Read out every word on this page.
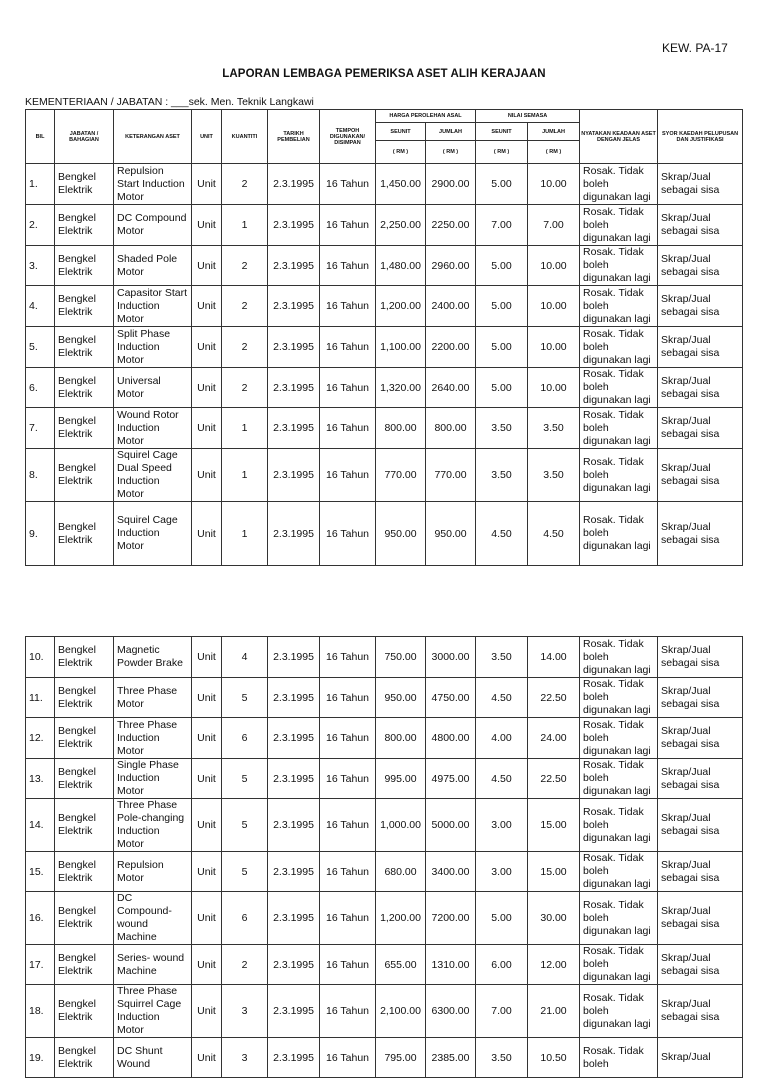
KEW. PA-17
LAPORAN LEMBAGA PEMERIKSA ASET ALIH KERAJAAN
KEMENTERIAAN / JABATAN : ___sek. Men. Teknik Langkawi
BIL	JABATAN / BAHAGIAN	KETERANGAN ASET	UNIT	KUANTITI	TARIKH PEMBELIAN	TEMPOH DIGUNAKAN/ DISIMPAN	HARGA PEROLEHAN ASAL		NILAI SEMASA		NYATAKAN KEADAAN ASET DENGAN JELAS	SYOR KAEDAH PELUPUSAN DAN JUSTIFIKASI
							SEUNIT	JUMLAH	SEUNIT	JUMLAH		
							( RM )	( RM )	( RM )	( RM )		
1.	Bengkel Elektrik	Repulsion Start Induction Motor	Unit	2	2.3.1995	16 Tahun	1,450.00	2900.00	5.00	10.00	Rosak. Tidak boleh digunakan lagi	Skrap/Jual sebagai sisa
2.	Bengkel Elektrik	DC Compound Motor	Unit	1	2.3.1995	16 Tahun	2,250.00	2250.00	7.00	7.00	Rosak. Tidak boleh digunakan lagi	Skrap/Jual sebagai sisa
3.	Bengkel Elektrik	Shaded Pole Motor	Unit	2	2.3.1995	16 Tahun	1,480.00	2960.00	5.00	10.00	Rosak. Tidak boleh digunakan lagi	Skrap/Jual sebagai sisa
4.	Bengkel Elektrik	Capasitor Start Induction Motor	Unit	2	2.3.1995	16 Tahun	1,200.00	2400.00	5.00	10.00	Rosak. Tidak boleh digunakan lagi	Skrap/Jual sebagai sisa
5.	Bengkel Elektrik	Split Phase Induction Motor	Unit	2	2.3.1995	16 Tahun	1,100.00	2200.00	5.00	10.00	Rosak. Tidak boleh digunakan lagi	Skrap/Jual sebagai sisa
6.	Bengkel Elektrik	Universal Motor	Unit	2	2.3.1995	16 Tahun	1,320.00	2640.00	5.00	10.00	Rosak. Tidak boleh digunakan lagi	Skrap/Jual sebagai sisa
7.	Bengkel Elektrik	Wound Rotor Induction Motor	Unit	1	2.3.1995	16 Tahun	800.00	800.00	3.50	3.50	Rosak. Tidak boleh digunakan lagi	Skrap/Jual sebagai sisa
8.	Bengkel Elektrik	Squirel Cage Dual Speed Induction Motor	Unit	1	2.3.1995	16 Tahun	770.00	770.00	3.50	3.50	Rosak. Tidak boleh digunakan lagi	Skrap/Jual sebagai sisa
9.	Bengkel Elektrik	Squirel Cage Induction Motor	Unit	1	2.3.1995	16 Tahun	950.00	950.00	4.50	4.50	Rosak. Tidak boleh digunakan lagi	Skrap/Jual sebagai sisa
10.	Bengkel Elektrik	Magnetic Powder Brake	Unit	4	2.3.1995	16 Tahun	750.00	3000.00	3.50	14.00	Rosak. Tidak boleh digunakan lagi	Skrap/Jual sebagai sisa
11.	Bengkel Elektrik	Three Phase Motor	Unit	5	2.3.1995	16 Tahun	950.00	4750.00	4.50	22.50	Rosak. Tidak boleh digunakan lagi	Skrap/Jual sebagai sisa
12.	Bengkel Elektrik	Three Phase Induction Motor	Unit	6	2.3.1995	16 Tahun	800.00	4800.00	4.00	24.00	Rosak. Tidak boleh digunakan lagi	Skrap/Jual sebagai sisa
13.	Bengkel Elektrik	Single Phase Induction Motor	Unit	5	2.3.1995	16 Tahun	995.00	4975.00	4.50	22.50	Rosak. Tidak boleh digunakan lagi	Skrap/Jual sebagai sisa
14.	Bengkel Elektrik	Three Phase Pole-changing Induction Motor	Unit	5	2.3.1995	16 Tahun	1,000.00	5000.00	3.00	15.00	Rosak. Tidak boleh digunakan lagi	Skrap/Jual sebagai sisa
15.	Bengkel Elektrik	Repulsion Motor	Unit	5	2.3.1995	16 Tahun	680.00	3400.00	3.00	15.00	Rosak. Tidak boleh digunakan lagi	Skrap/Jual sebagai sisa
16.	Bengkel Elektrik	DC Compound- wound Machine	Unit	6	2.3.1995	16 Tahun	1,200.00	7200.00	5.00	30.00	Rosak. Tidak boleh digunakan lagi	Skrap/Jual sebagai sisa
17.	Bengkel Elektrik	Series- wound Machine	Unit	2	2.3.1995	16 Tahun	655.00	1310.00	6.00	12.00	Rosak. Tidak boleh digunakan lagi	Skrap/Jual sebagai sisa
18.	Bengkel Elektrik	Three Phase Squirrel Cage Induction Motor	Unit	3	2.3.1995	16 Tahun	2,100.00	6300.00	7.00	21.00	Rosak. Tidak boleh digunakan lagi	Skrap/Jual sebagai sisa
19.	Bengkel Elektrik	DC Shunt Wound	Unit	3	2.3.1995	16 Tahun	795.00	2385.00	3.50	10.50	Rosak. Tidak boleh	Skrap/Jual
